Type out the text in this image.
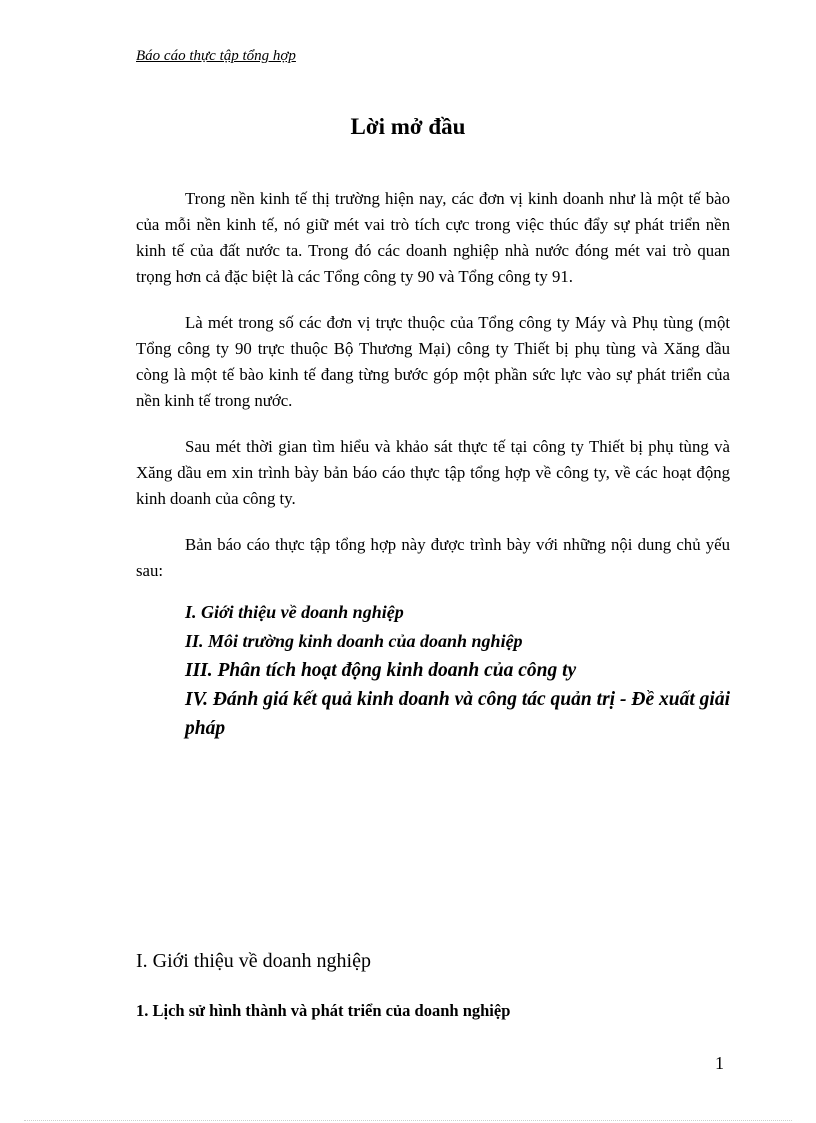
Báo cáo thực tập tổng hợp
Lời mở đầu

Trong nền kinh tế thị trường hiện nay, các đơn vị kinh doanh như là một tế bào của mỗi nền kinh tế, nó giữ mét vai trò tích cực trong việc thúc đẩy sự phát triển nền kinh tế của đất nước ta. Trong đó các doanh nghiệp nhà nước đóng mét vai trò quan trọng hơn cả đặc biệt là các Tổng công ty 90 và Tổng công ty 91.

Là mét trong số các đơn vị trực thuộc của Tổng công ty Máy và Phụ tùng (một Tổng công ty 90 trực thuộc Bộ Thương Mại) công ty Thiết bị phụ tùng và Xăng dầu còng là một tế bào kinh tế đang từng bước góp một phần sức lực vào sự phát triển của nền kinh tế trong nước.

Sau mét thời gian tìm hiểu và khảo sát thực tế tại công ty Thiết bị phụ tùng và Xăng dầu em xin trình bày bản báo cáo thực tập tổng hợp về công ty, về các hoạt động kinh doanh của công ty.

Bản báo cáo thực tập tổng hợp này được trình bày với những nội dung chủ yếu sau:

I. Giới thiệu về doanh nghiệp
II. Môi trường kinh doanh của doanh nghiệp
III. Phân tích hoạt động kinh doanh của công ty
IV. Đánh giá kết quả kinh doanh và công tác quản trị - Đề xuất giải pháp
I. Giới thiệu về doanh nghiệp
1. Lịch sử hình thành và phát triển của doanh nghiệp
1
